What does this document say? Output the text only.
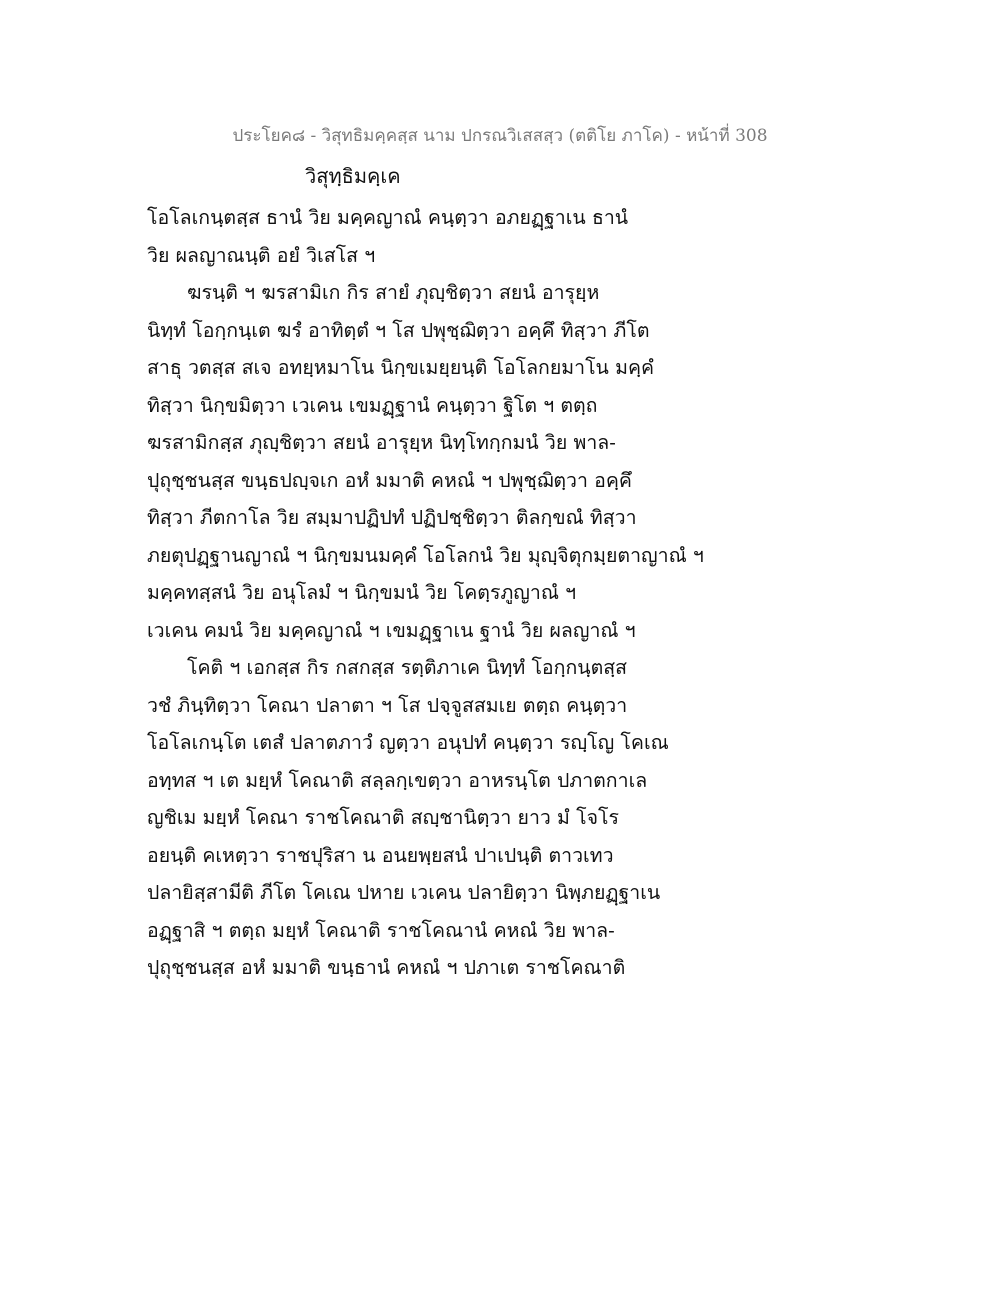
ประโยค๘ - วิสุทธิมคฺคสฺส นาม ปกรณวิเสสสฺว (ตติโย ภาโค) - หน้าที่ 308
วิสุทฺธิมคฺเค
โอโลเกนฺตสฺส ธานํ วิย มคฺคญาณํ คนฺตฺวา อภยฏฺฐาเน ธานํ
วิย ผลญาณนฺติ อยํ วิเสโส ฯ
ฆรนฺติ ฯ ฆรสามิเก กิร สายํ ภุญฺชิตฺวา สยนํ อารุยฺห
นิทฺทํ โอกฺกนฺเต ฆรํ อาทิตฺตํ ฯ โส ปพุชฺฌิตฺวา อคฺคึ ทิสฺวา ภีโต
สาธุ วตสฺส สเจ อทยฺหมาโน นิกฺขเมยฺยนฺติ โอโลกยมาโน มคฺคํ
ทิสฺวา นิกฺขมิตฺวา เวเคน เขมฏฺฐานํ คนฺตฺวา ฐิโต ฯ ตตฺถ
ฆรสามิกสฺส ภุญฺชิตฺวา สยนํ อารุยฺห นิทฺโทกฺกมนํ วิย พาล-
ปุถุชฺชนสฺส ขนฺธปญฺจเก อหํ มมาติ คหณํ ฯ ปพุชฺฌิตฺวา อคฺคึ
ทิสฺวา ภีตกาโล วิย สมฺมาปฏิปทํ ปฏิปชฺชิตฺวา ติลกฺขณํ ทิสฺวา
ภยตุปฏฺฐานญาณํ ฯ นิกฺขมนมคฺคํ โอโลกนํ วิย มุญฺจิตุกมฺยตาญาณํ ฯ
มคฺคทสฺสนํ วิย อนุโลมํ ฯ นิกฺขมนํ วิย โคตฺรภูญาณํ ฯ
เวเคน คมนํ วิย มคฺคญาณํ ฯ เขมฏฺฐาเน ฐานํ วิย ผลญาณํ ฯ
โคติ ฯ เอกสฺส กิร กสกสฺส รตฺติภาเค นิทฺทํ โอกฺกนฺตสฺส
วชํ ภินฺทิตฺวา โคณา ปลาตา ฯ โส ปจฺจูสสมเย ตตฺถ คนฺตฺวา
โอโลเกนฺโต เตสํ ปลาตภาวํ ญตฺวา อนุปทํ คนฺตฺวา รญฺโญ โคเณ
อทฺทส ฯ เต มยฺหํ โคณาติ สลฺลกฺเขตฺวา อาหรนฺโต ปภาตกาเล
ญชิเม มยฺหํ โคณา ราชโคณาติ สญฺชานิตฺวา ยาว มํ โจโร
อยนฺติ คเหตฺวา ราชปุริสา น อนยพฺยสนํ ปาเปนฺติ ตาวเทว
ปลายิสฺสามีติ ภีโต โคเณ ปหาย เวเคน ปลายิตฺวา นิพฺภยฏฺฐาเน
อฏฺฐาสิ ฯ ตตฺถ มยฺหํ โคณาติ ราชโคณานํ คหณํ วิย พาล-
ปุถุชฺชนสฺส อหํ มมาติ ขนฺธานํ คหณํ ฯ ปภาเต ราชโคณาติ
